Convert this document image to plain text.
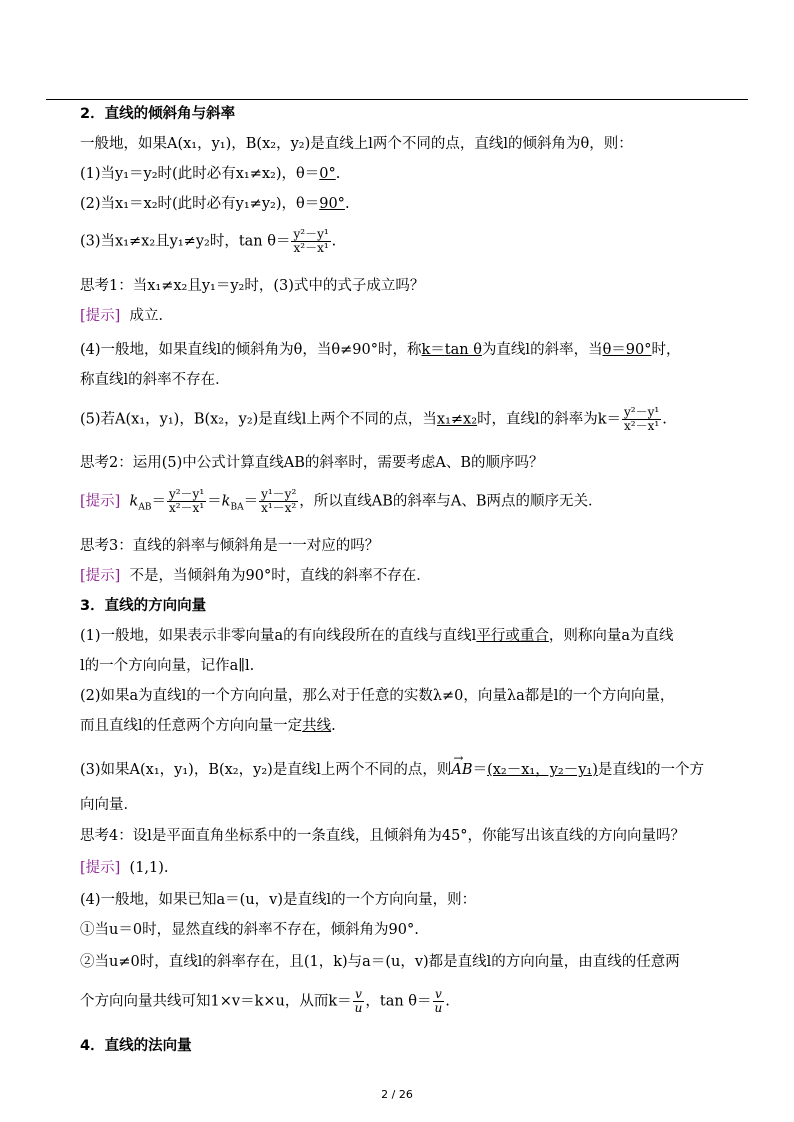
2．直线的倾斜角与斜率
一般地，如果A(x₁，y₁)，B(x₂，y₂)是直线上l两个不同的点，直线l的倾斜角为θ，则：
(1)当y₁＝y₂时(此时必有x₁≠x₂)，θ＝0°.
(2)当x₁＝x₂时(此时必有y₁≠y₂)，θ＝90°.
(3)当x₁≠x₂且y₁≠y₂时，$\tan \theta= \frac{\text{y²－y¹}}{\text{x²－x¹}}$ .
思考1：当x₁≠x₂且y₁＝y₂时，(3)式中的式子成立吗？
[提示] 成立．
(4)一般地，如果直线l的倾斜角为θ，当θ≠90°时，称k＝tan θ为直线l的斜率，当θ＝90°时，
称直线l的斜率不存在．
(5)若A(x₁，y₁)，B(x₂，y₂)是直线l上两个不同的点，当x₁≠x₂时，直线l的斜率为$k= \frac{\text{y²－y¹}}{\text{x²－x¹}}$ .
思考2：运用(5)中公式计算直线AB的斜率时，需要考虑A、B的顺序吗？
[提示] $k_{AB}= \frac{\text{y²－y¹}}{\text{x²－x¹}} =k_{BA}= \frac{\text{y¹－y²}}{\text{x¹－x²}}$ ，所以直线AB的斜率与A、B两点的顺序无关．
思考3：直线的斜率与倾斜角是一一对应的吗？
[提示] 不是，当倾斜角为90°时，直线的斜率不存在．
3．直线的方向向量
(1)一般地，如果表示非零向量a的有向线段所在的直线与直线l平行或重合，则称向量a为直线
l的一个方向向量，记作a∥l.
(2)如果a为直线l的一个方向向量，那么对于任意的实数λ≠0，向量λa都是l的一个方向向量，
而且直线l的任意两个方向向量一定共线.
(3)如果A(x₁，y₁)，B(x₂，y₂)是直线l上两个不同的点，则→ AB＝(x₂－x₁，y₂－y₁)是直线l的一个方
向向量．
思考4：设l是平面直角坐标系中的一条直线，且倾斜角为45°，你能写出该直线的方向向量吗？
[提示] (1,1).
(4)一般地，如果已知a＝(u，v)是直线l的一个方向向量，则：
①当u＝0时，显然直线的斜率不存在，倾斜角为90°.
②当u≠0时，直线l的斜率存在，且(1，k)与a＝(u，v)都是直线l的方向向量，由直线的任意两
个方向向量共线可知1×v＝k×u，从而$k= \frac{v}{u}$ ，$\tan \theta= \frac{v}{u}$ .
4．直线的法向量
2 / 26
